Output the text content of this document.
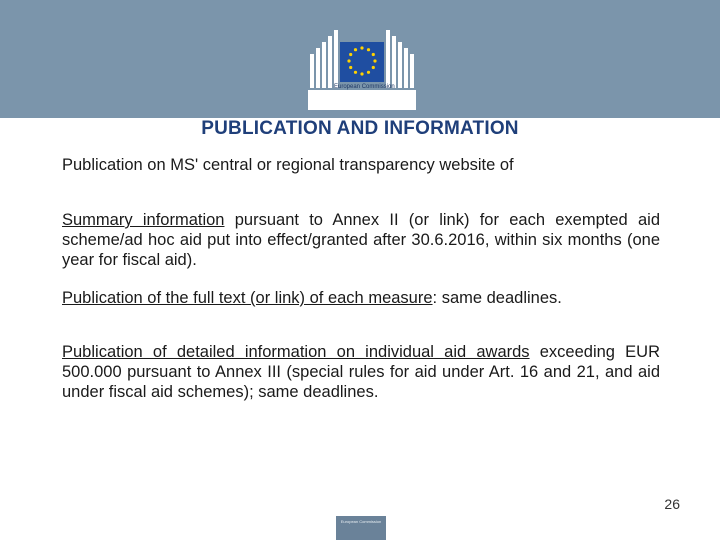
European Commission
PUBLICATION AND INFORMATION
Publication on MS' central or regional transparency website of
Summary information pursuant to Annex II (or link) for each exempted aid scheme/ad hoc aid put into effect/granted after 30.6.2016, within six months (one year for fiscal aid).
Publication of the full text (or link) of each measure: same deadlines.
Publication of detailed information on individual aid awards exceeding EUR 500.000 pursuant to Annex III (special rules for aid under Art. 16 and 21, and aid under fiscal aid schemes); same deadlines.
26
European Commission
